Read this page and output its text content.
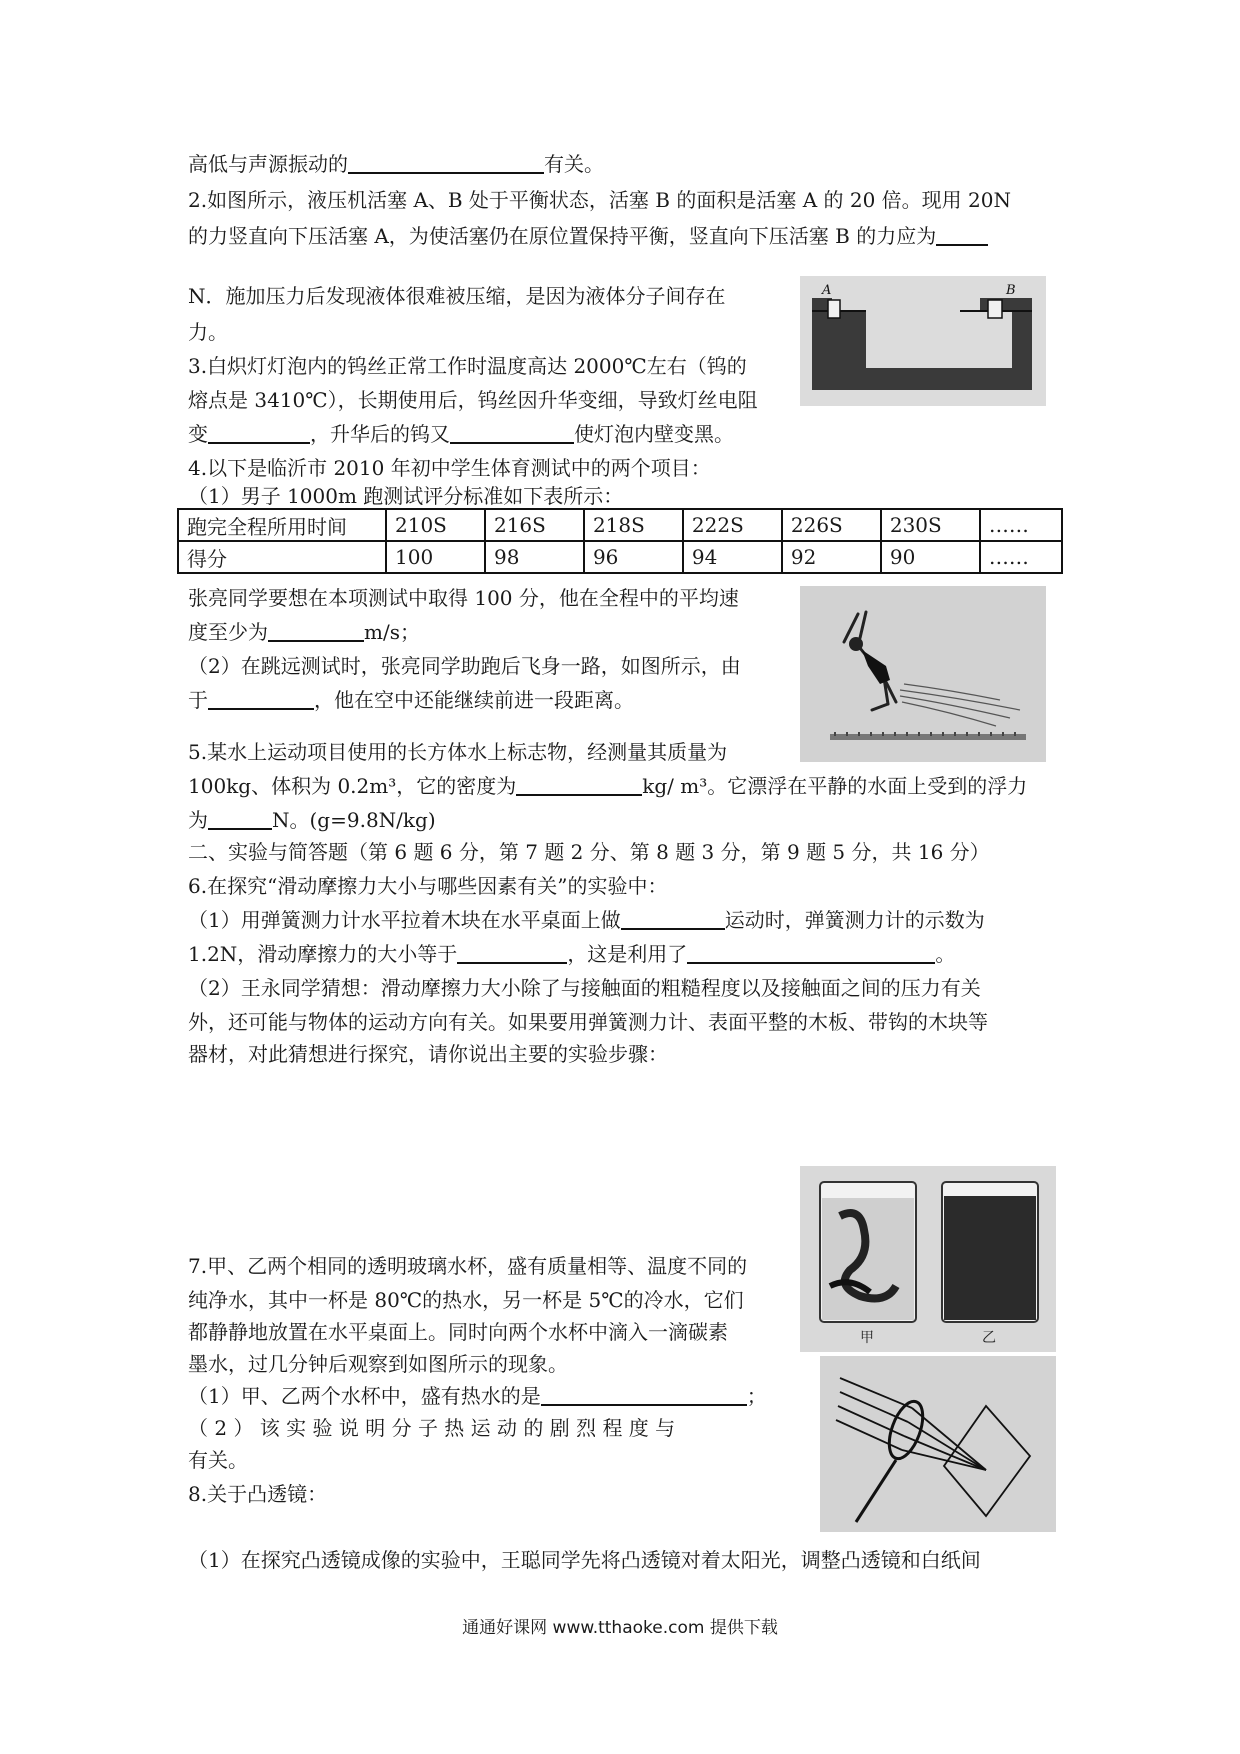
高低与声源振动的	有关。
2.如图所示，液压机活塞 A、B 处于平衡状态，活塞 B 的面积是活塞 A 的 20 倍。现用 20N
的力竖直向下压活塞 A，为使活塞仍在原位置保持平衡，竖直向下压活塞 B 的力应为
N．施加压力后发现液体很难被压缩，是因为液体分子间存在
力。
A	B
3.白炽灯灯泡内的钨丝正常工作时温度高达 2000℃左右（钨的
熔点是 3410℃），长期使用后，钨丝因升华变细，导致灯丝电阻
变	，升华后的钨又	使灯泡内壁变黑。
4.以下是临沂市 2010 年初中学生体育测试中的两个项目：
（1）男子 1000m 跑测试评分标准如下表所示：
跑完全程所用时间	210S	216S	218S	222S	226S	230S	……
得分	100	98	96	94	92	90	……
张亮同学要想在本项测试中取得 100 分，他在全程中的平均速
度至少为	m/s；
（2）在跳远测试时，张亮同学助跑后飞身一路，如图所示，由
于	，他在空中还能继续前进一段距离。
5.某水上运动项目使用的长方体水上标志物，经测量其质量为
100kg、体积为 0.2m³，它的密度为	kg/ m³。它漂浮在平静的水面上受到的浮力
为	N。(g=9.8N/kg)
二、实验与简答题（第 6 题 6 分，第 7 题 2 分、第 8 题 3 分，第 9 题 5 分，共 16 分）
6.在探究“滑动摩擦力大小与哪些因素有关”的实验中：
（1）用弹簧测力计水平拉着木块在水平桌面上做	运动时，弹簧测力计的示数为
1.2N，滑动摩擦力的大小等于	，这是利用了	。
（2）王永同学猜想：滑动摩擦力大小除了与接触面的粗糙程度以及接触面之间的压力有关
外，还可能与物体的运动方向有关。如果要用弹簧测力计、表面平整的木板、带钩的木块等
器材，对此猜想进行探究，请你说出主要的实验步骤：
甲	乙
7.甲、乙两个相同的透明玻璃水杯，盛有质量相等、温度不同的
纯净水，其中一杯是 80℃的热水，另一杯是 5℃的冷水，它们
都静静地放置在水平桌面上。同时向两个水杯中滴入一滴碳素
墨水，过几分钟后观察到如图所示的现象。
（1）甲、乙两个水杯中，盛有热水的是	；
（ 2 ） 该 实 验 说 明 分 子 热 运 动 的 剧 烈 程 度 与
有关。
8.关于凸透镜：
（1）在探究凸透镜成像的实验中，王聪同学先将凸透镜对着太阳光，调整凸透镜和白纸间
通通好课网 www.tthaoke.com 提供下载
